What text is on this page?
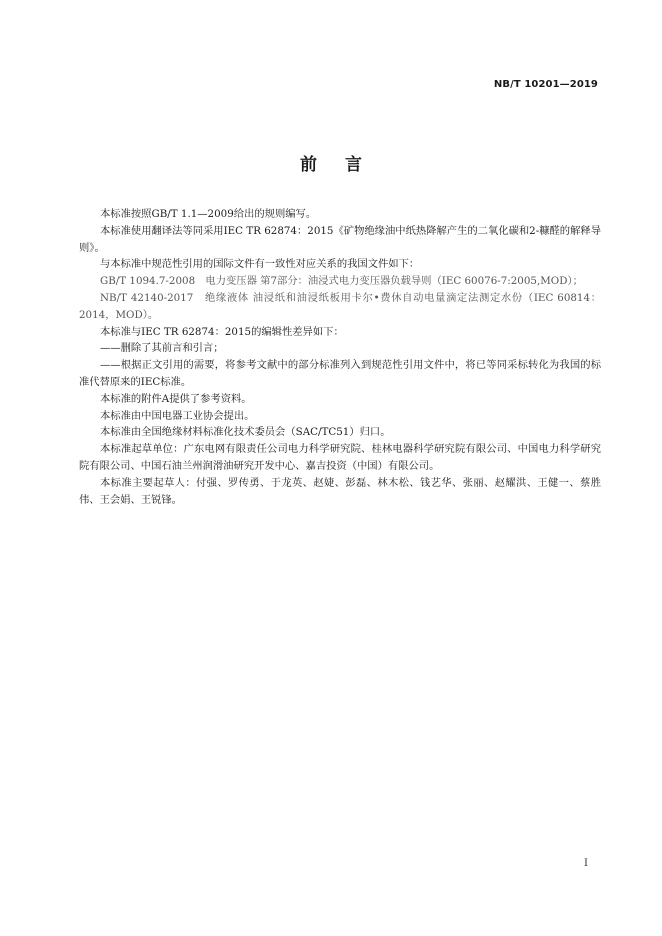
NB/T 10201—2019
前言

本标准按照GB/T 1.1—2009给出的规则编写。

本标准使用翻译法等同采用IEC TR 62874：2015《矿物绝缘油中纸热降解产生的二氧化碳和2-糠醛的解释导则》。

与本标准中规范性引用的国际文件有一致性对应关系的我国文件如下：

GB/T 1094.7-2008　电力变压器 第7部分：油浸式电力变压器负载导则（IEC 60076-7:2005,MOD）；

NB/T 42140-2017　绝缘液体 油浸纸和油浸纸板用卡尔•费休自动电量滴定法测定水份（IEC 60814：2014，MOD）。

本标准与IEC TR 62874：2015的编辑性差异如下：

——删除了其前言和引言；

——根据正文引用的需要，将参考文献中的部分标准列入到规范性引用文件中，将已等同采标转化为我国的标准代替原来的IEC标准。

本标准的附件A提供了参考资料。

本标准由中国电器工业协会提出。

本标准由全国绝缘材料标准化技术委员会（SAC/TC51）归口。

本标准起草单位：广东电网有限责任公司电力科学研究院、桂林电器科学研究院有限公司、中国电力科学研究院有限公司、中国石油兰州润滑油研究开发中心、嘉吉投资（中国）有限公司。

本标准主要起草人：付强、罗传勇、于龙英、赵婕、彭磊、林木松、钱艺华、张丽、赵耀洪、王健一、蔡胜伟、王会娟、王锐锋。

I
